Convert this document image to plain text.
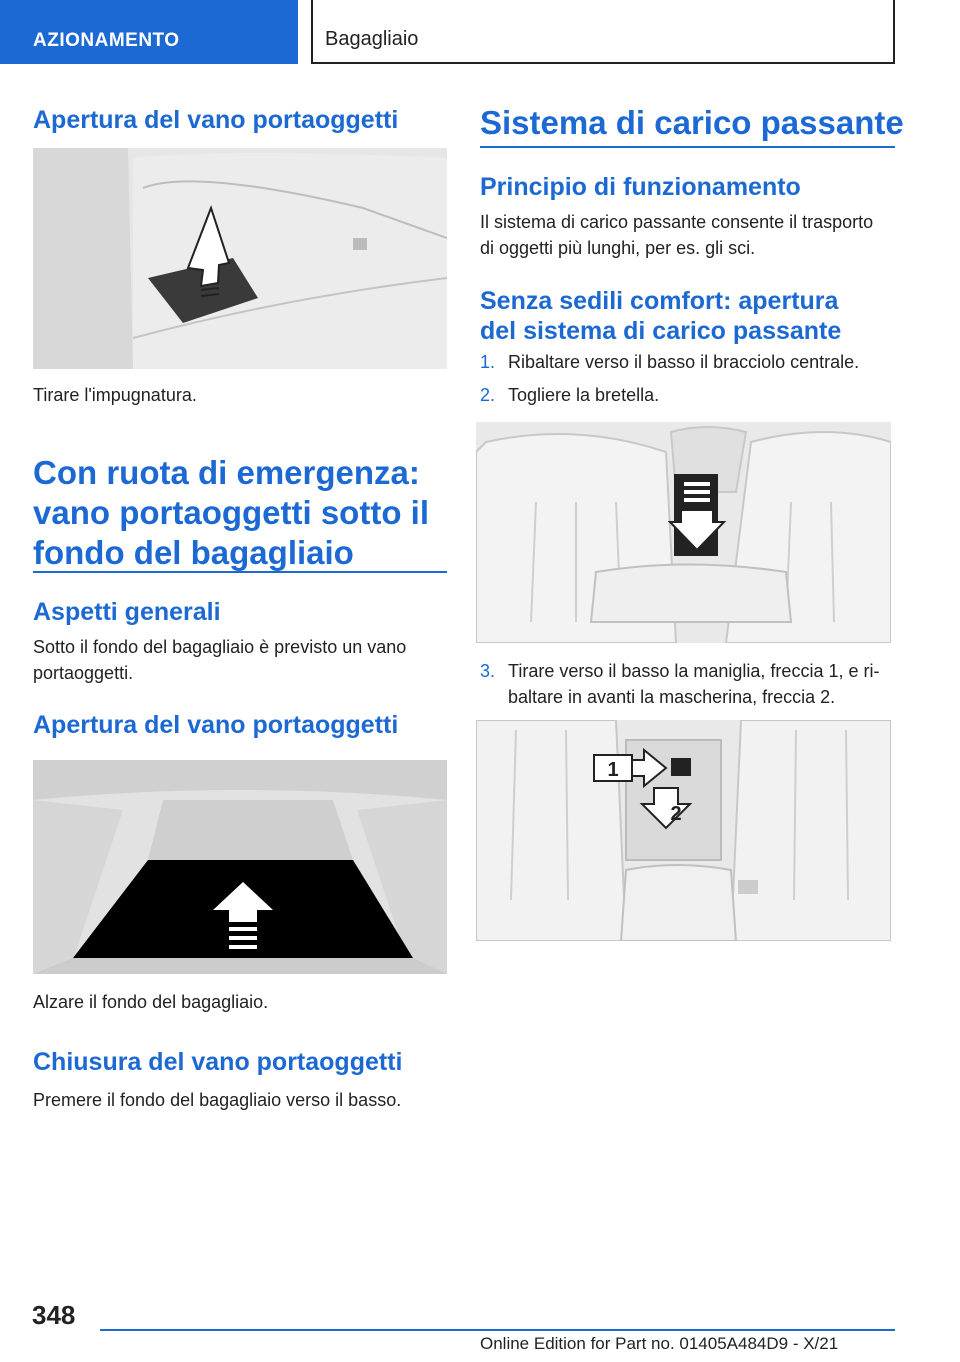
AZIONAMENTO	Bagagliaio
Apertura del vano portaoggetti
Tirare l'impugnatura.
Con ruota di emergenza:
vano portaoggetti sotto il
fondo del bagagliaio
Aspetti generali
Sotto il fondo del bagagliaio è previsto un vano
portaoggetti.
Apertura del vano portaoggetti
Alzare il fondo del bagagliaio.
Chiusura del vano portaoggetti
Premere il fondo del bagagliaio verso il basso.
Sistema di carico passante
Principio di funzionamento
Il sistema di carico passante consente il trasporto
di oggetti più lunghi, per es. gli sci.
Senza sedili comfort: apertura
del sistema di carico passante
1. Ribaltare verso il basso il bracciolo centrale.
2. Togliere la bretella.
3. Tirare verso il basso la maniglia, freccia 1, e ri-
baltare in avanti la mascherina, freccia 2.
1
2
348
Online Edition for Part no. 01405A484D9 - X/21
